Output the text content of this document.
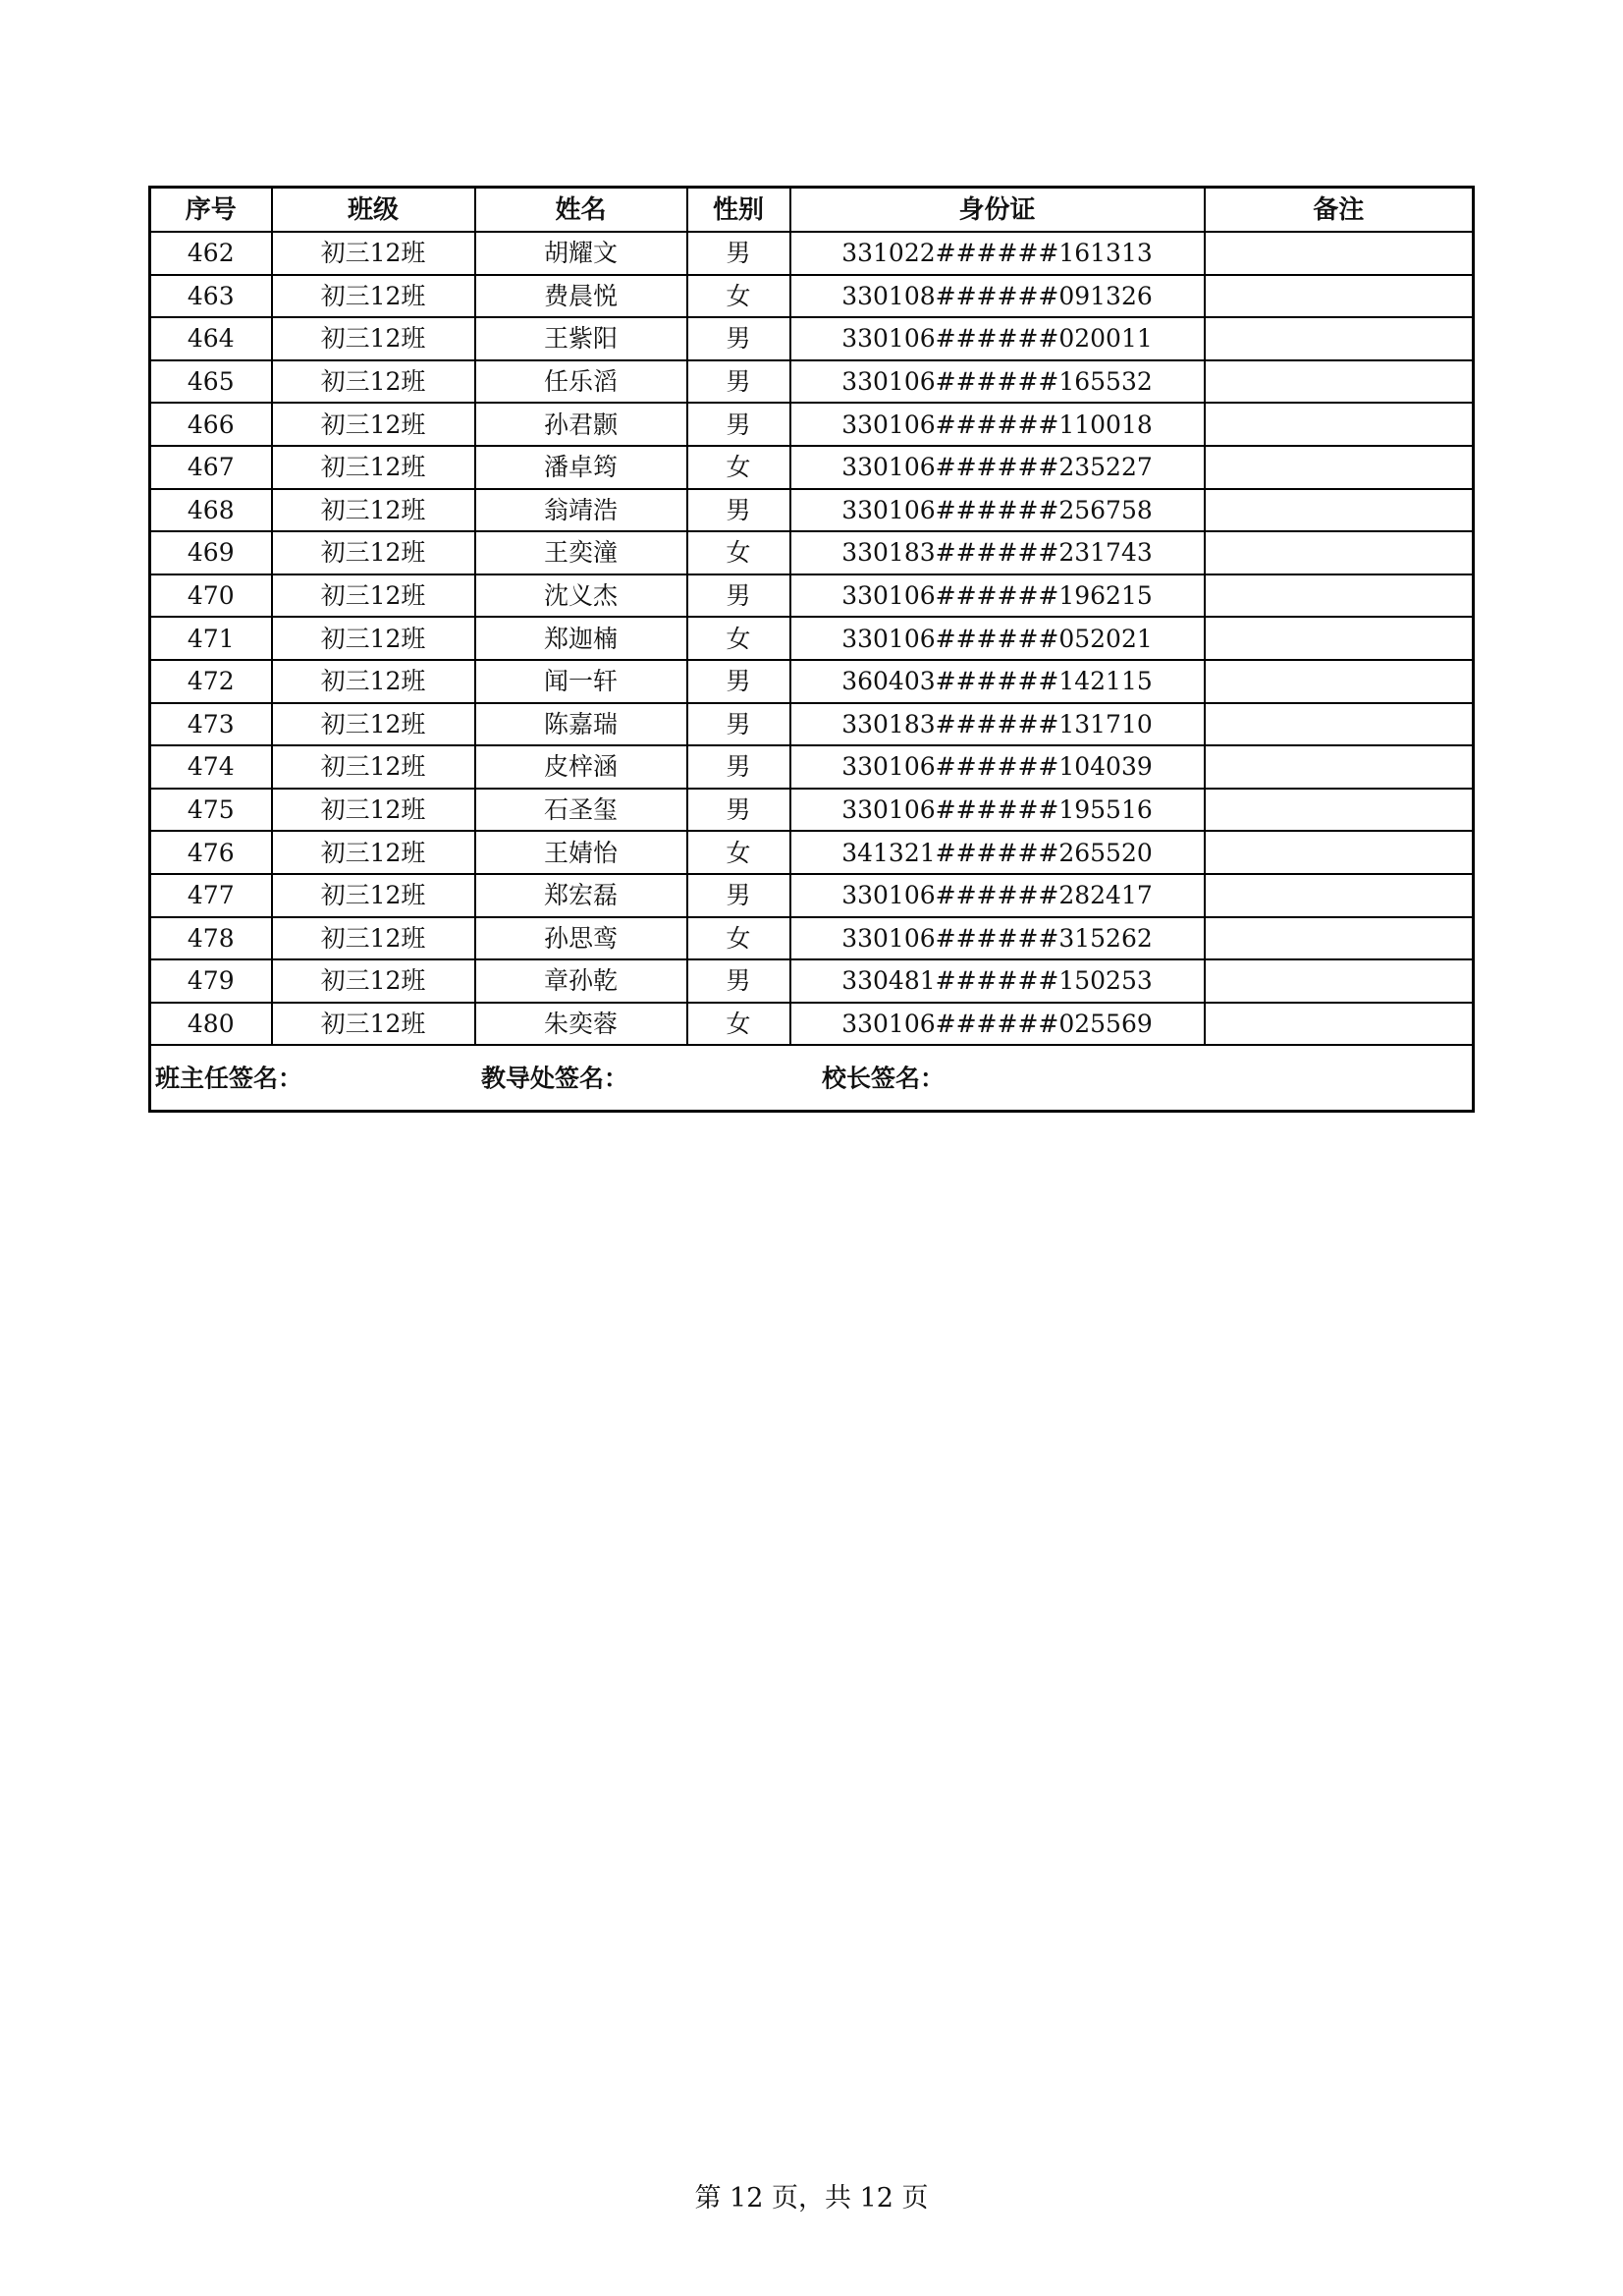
序号	班级	姓名	性别	身份证	备注
462	初三12班	胡耀文	男	331022######161313	
463	初三12班	费晨悦	女	330108######091326	
464	初三12班	王紫阳	男	330106######020011	
465	初三12班	任乐滔	男	330106######165532	
466	初三12班	孙君颢	男	330106######110018	
467	初三12班	潘卓筠	女	330106######235227	
468	初三12班	翁靖浩	男	330106######256758	
469	初三12班	王奕潼	女	330183######231743	
470	初三12班	沈义杰	男	330106######196215	
471	初三12班	郑迦楠	女	330106######052021	
472	初三12班	闻一轩	男	360403######142115	
473	初三12班	陈嘉瑞	男	330183######131710	
474	初三12班	皮梓涵	男	330106######104039	
475	初三12班	石圣玺	男	330106######195516	
476	初三12班	王婧怡	女	341321######265520	
477	初三12班	郑宏磊	男	330106######282417	
478	初三12班	孙思鸾	女	330106######315262	
479	初三12班	章孙乾	男	330481######150253	
480	初三12班	朱奕蓉	女	330106######025569	

班主任签名： 教导处签名： 校长签名：					
第 12 页，共 12 页
